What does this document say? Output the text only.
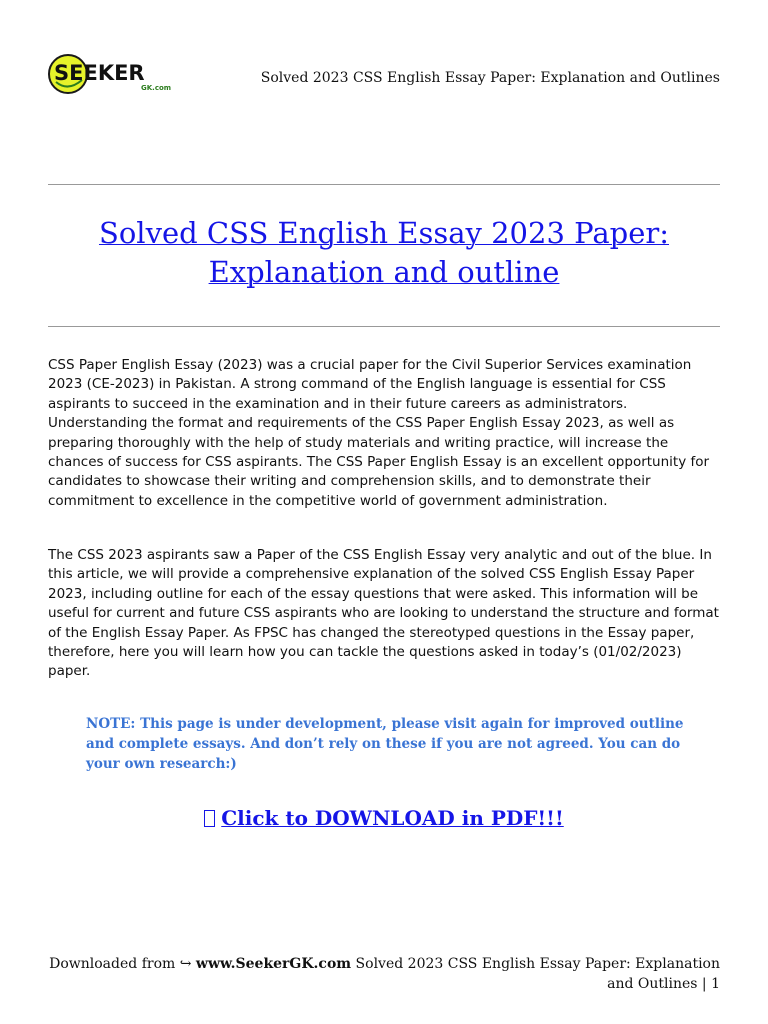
SEEKER
GK.com
Solved 2023 CSS English Essay Paper: Explanation and Outlines
Solved CSS English Essay 2023 Paper:
Explanation and outline

CSS Paper English Essay (2023) was a crucial paper for the Civil Superior Services examination 2023 (CE-2023) in Pakistan. A strong command of the English language is essential for CSS aspirants to succeed in the examination and in their future careers as administrators. Understanding the format and requirements of the CSS Paper English Essay 2023, as well as preparing thoroughly with the help of study materials and writing practice, will increase the chances of success for CSS aspirants. The CSS Paper English Essay is an excellent opportunity for candidates to showcase their writing and comprehension skills, and to demonstrate their commitment to excellence in the competitive world of government administration.

The CSS 2023 aspirants saw a Paper of the CSS English Essay very analytic and out of the blue. In this article, we will provide a comprehensive explanation of the solved CSS English Essay Paper 2023, including outline for each of the essay questions that were asked. This information will be useful for current and future CSS aspirants who are looking to understand the structure and format of the English Essay Paper. As FPSC has changed the stereotyped questions in the Essay paper, therefore, here you will learn how you can tackle the questions asked in today’s (01/02/2023) paper.

NOTE: This page is under development, please visit again for improved outline and complete essays. And don’t rely on these if you are not agreed. You can do your own research:)

Click to DOWNLOAD in PDF!!!
Downloaded from ↪ www.SeekerGK.com Solved 2023 CSS English Essay Paper: Explanation and Outlines | 1
